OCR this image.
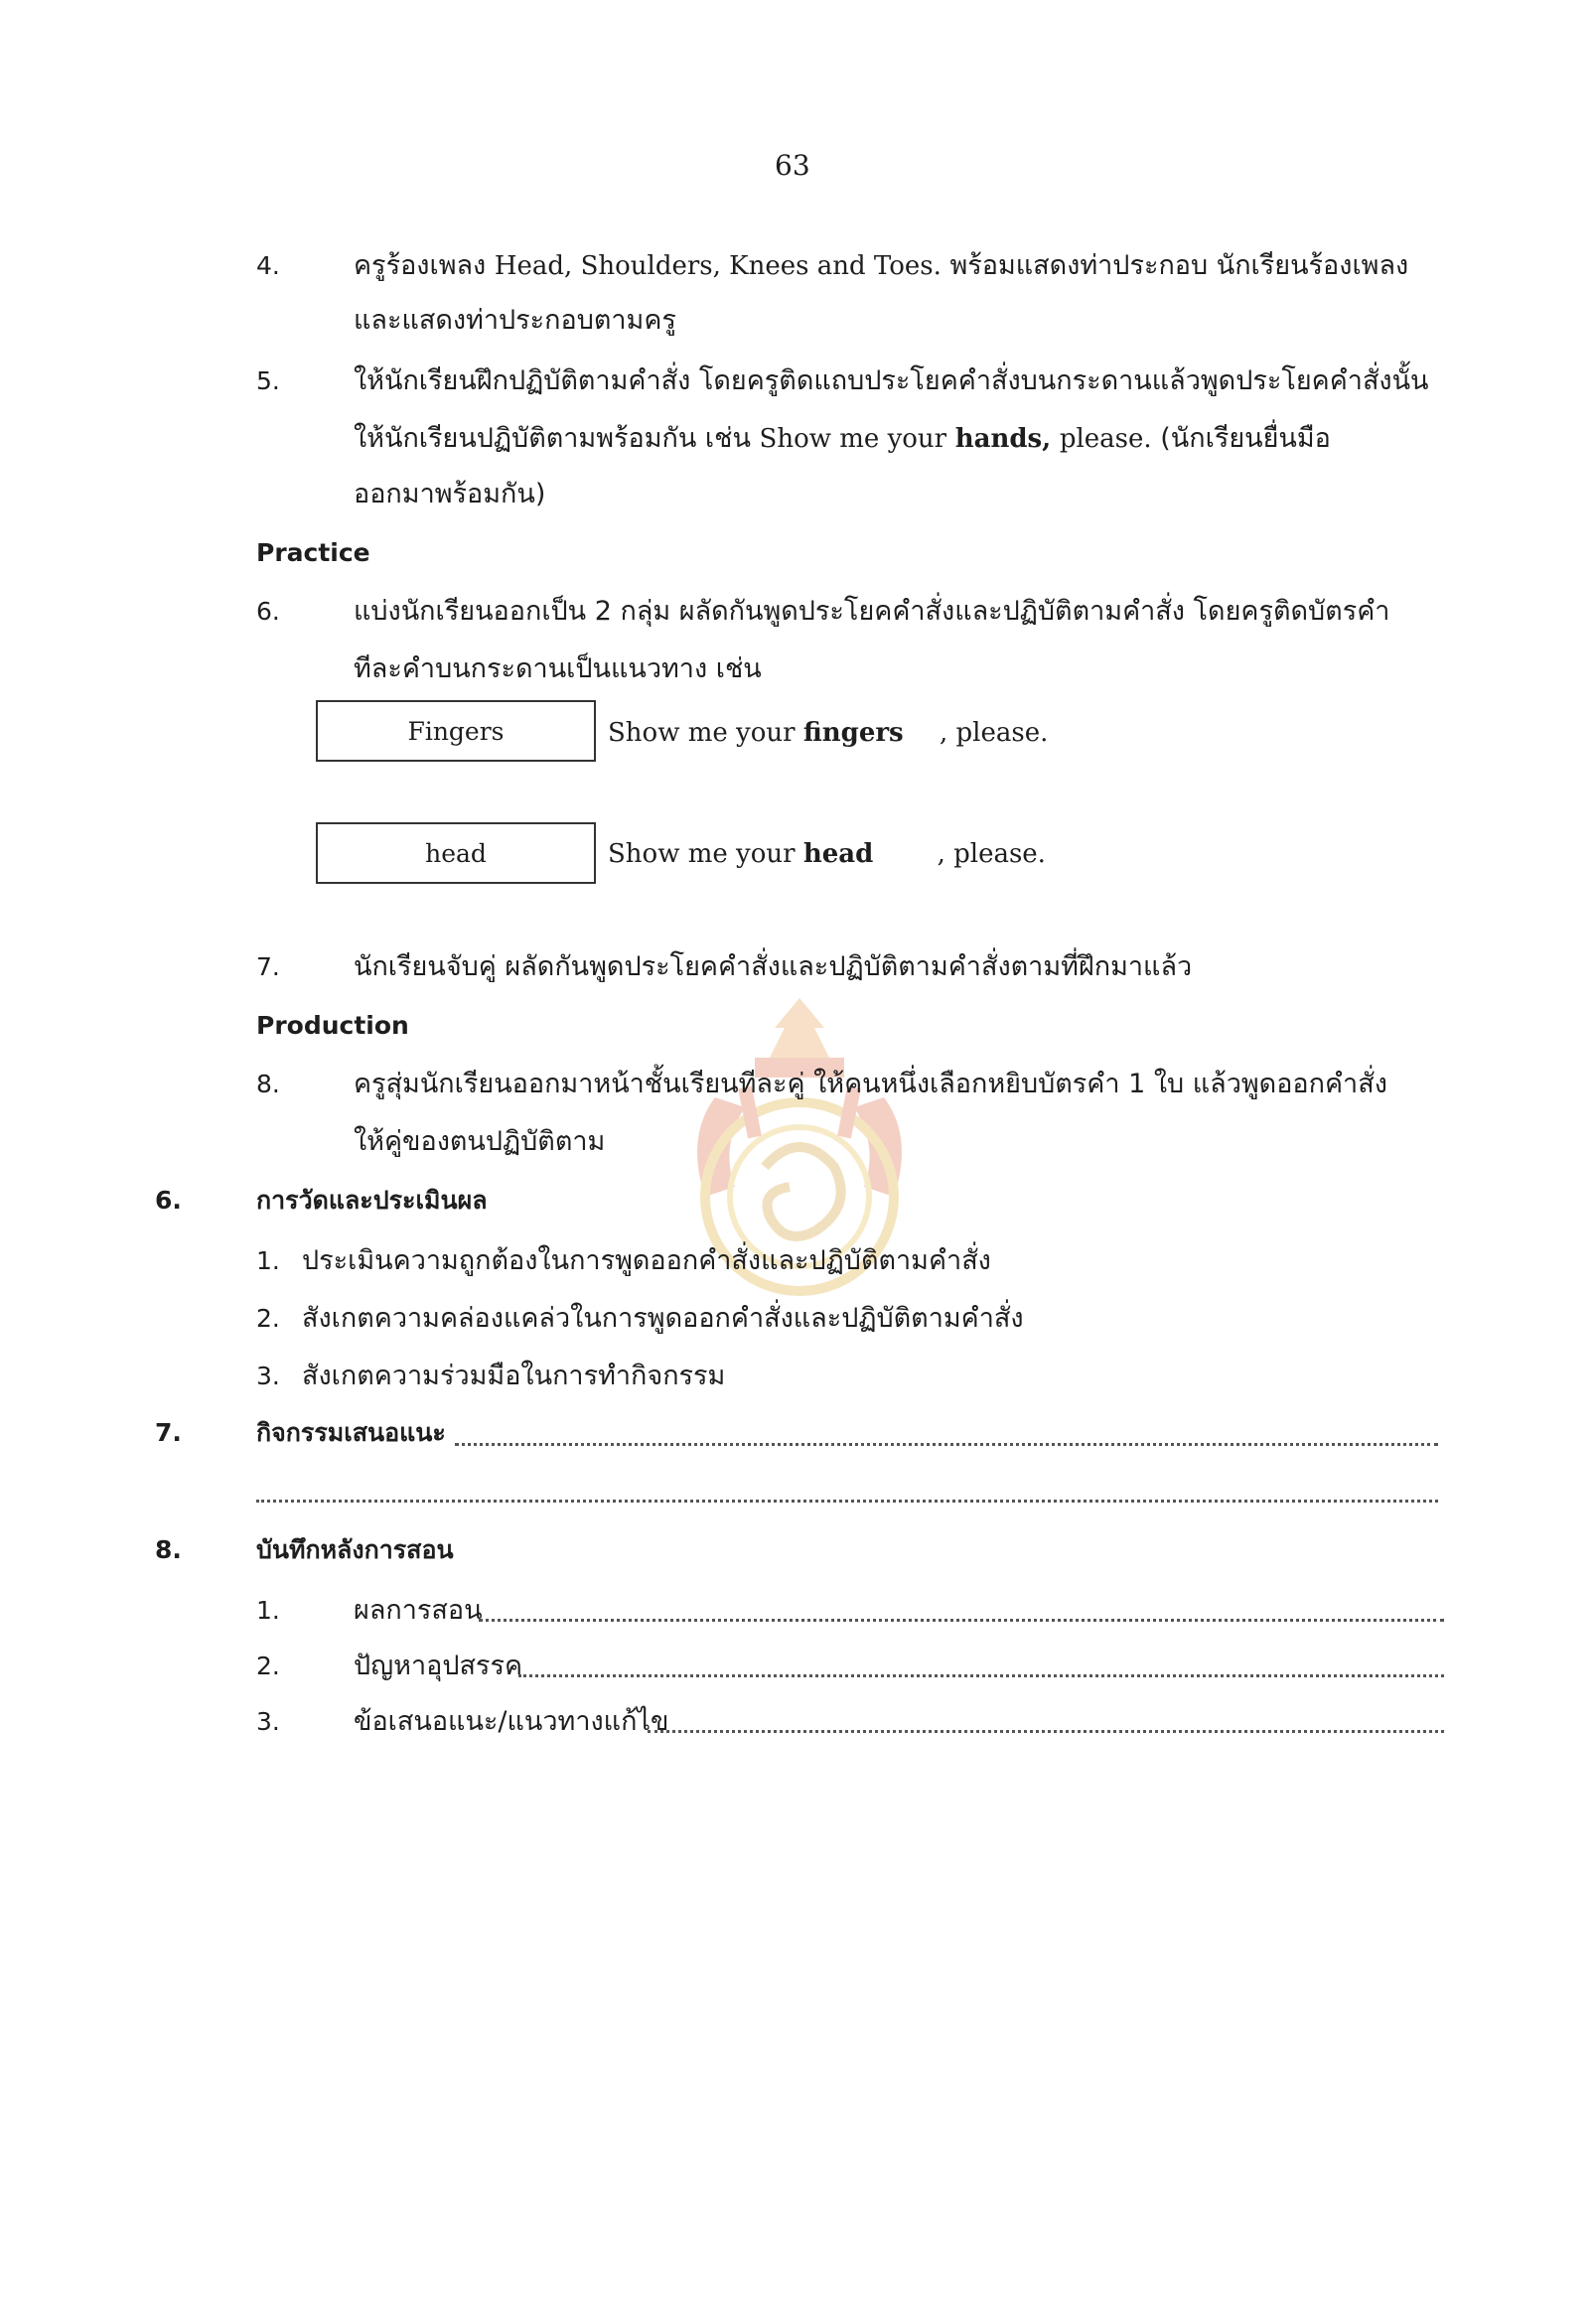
63
4.	ครูร้องเพลง Head, Shoulders, Knees and Toes. พร้อมแสดงท่าประกอบ นักเรียนร้องเพลง
และแสดงท่าประกอบตามครู
5.	ให้นักเรียนฝึกปฏิบัติตามคำสั่ง โดยครูติดแถบประโยคคำสั่งบนกระดานแล้วพูดประโยคคำสั่งนั้น
ให้นักเรียนปฏิบัติตามพร้อมกัน เช่น Show me your hands, please. (นักเรียนยื่นมือ
ออกมาพร้อมกัน)
Practice
6.	แบ่งนักเรียนออกเป็น 2 กลุ่ม ผลัดกันพูดประโยคคำสั่งและปฏิบัติตามคำสั่ง โดยครูติดบัตรคำ
ทีละคำบนกระดานเป็นแนวทาง เช่น
Fingers	Show me your fingers , please.
head	Show me your head , please.
7.	นักเรียนจับคู่ ผลัดกันพูดประโยคคำสั่งและปฏิบัติตามคำสั่งตามที่ฝึกมาแล้ว
Production
8.	ครูสุ่มนักเรียนออกมาหน้าชั้นเรียนทีละคู่ ให้คนหนึ่งเลือกหยิบบัตรคำ 1 ใบ แล้วพูดออกคำสั่ง
ให้คู่ของตนปฏิบัติตาม
6.	การวัดและประเมินผล
1. ประเมินความถูกต้องในการพูดออกคำสั่งและปฏิบัติตามคำสั่ง
2. สังเกตความคล่องแคล่วในการพูดออกคำสั่งและปฏิบัติตามคำสั่ง
3. สังเกตความร่วมมือในการทำกิจกรรม
7.	กิจกรรมเสนอแนะ
8.	บันทึกหลังการสอน
1.	ผลการสอน
2.	ปัญหาอุปสรรค
3.	ข้อเสนอแนะ/แนวทางแก้ไข
